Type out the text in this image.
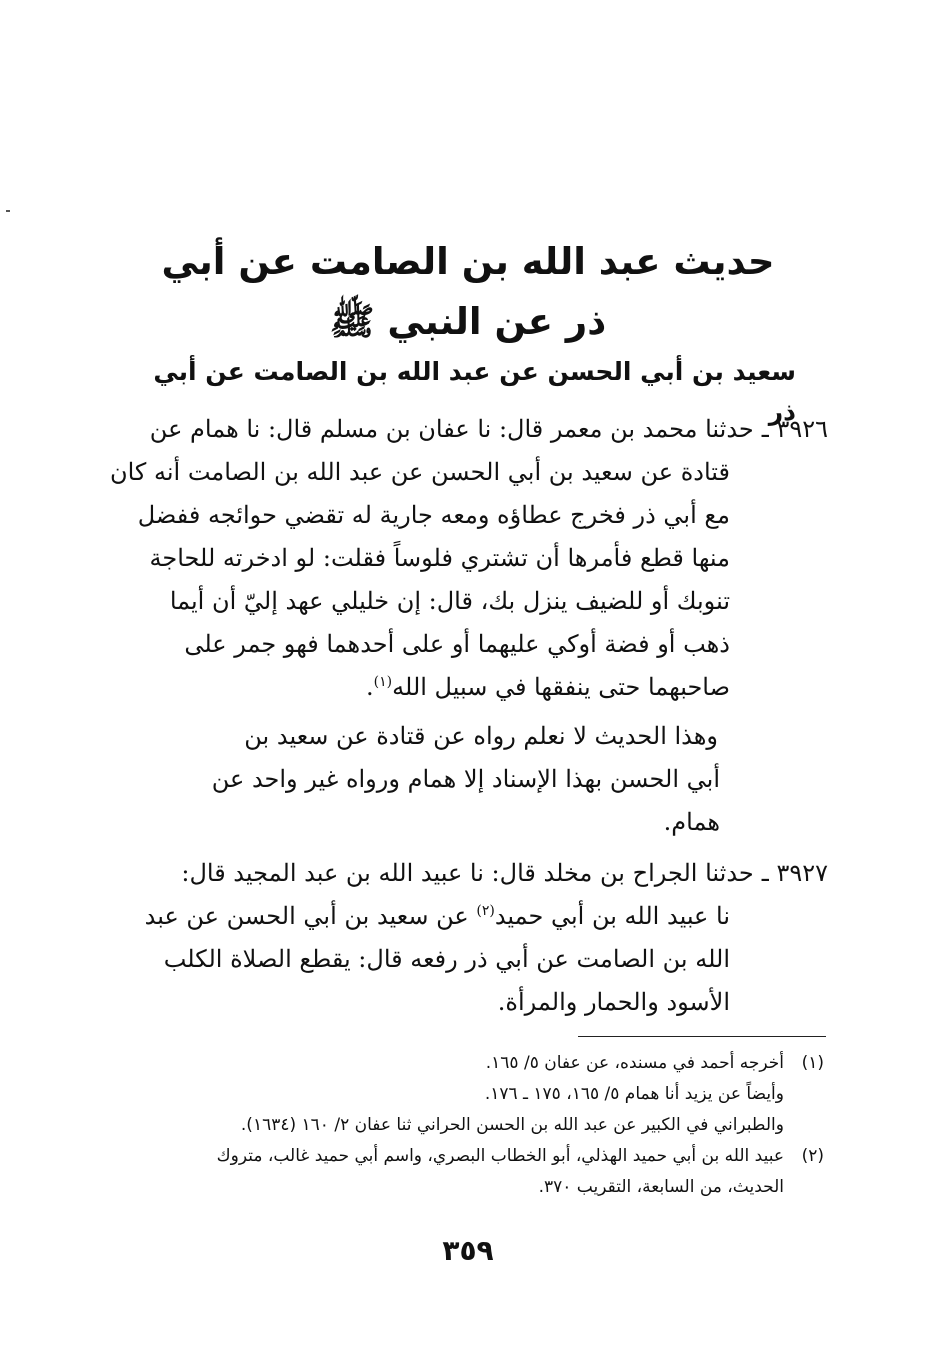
حديث عبد الله بن الصامت عن أبي ذر عن النبي ﷺ
سعيد بن أبي الحسن عن عبد الله بن الصامت عن أبي ذر
٣٩٢٦ ـحدثنا محمد بن معمر قال: نا عفان بن مسلم قال: نا همام عن
قتادة عن سعيد بن أبي الحسن عن عبد الله بن الصامت أنه كان
مع أبي ذر فخرج عطاؤه ومعه جارية له تقضي حوائجه ففضل
منها قطع فأمرها أن تشتري فلوساً فقلت: لو ادخرته للحاجة
تنوبك أو للضيف ينزل بك، قال: إن خليلي عهد إليّ أن أيما
ذهب أو فضة أوكي عليهما أو على أحدهما فهو جمر على
صاحبهما حتى ينفقها في سبيل الله$^{(١)}$.
وهذا الحديث لا نعلم رواه عن قتادة عن سعيد بن
أبي الحسن بهذا الإسناد إلا همام ورواه غير واحد عن
همام.
٣٩٢٧ ـحدثنا الجراح بن مخلد قال: نا عبيد الله بن عبد المجيد قال:
نا عبيد الله بن أبي حميد$^{(٢)}$ عن سعيد بن أبي الحسن عن عبد
الله بن الصامت عن أبي ذر رفعه قال: يقطع الصلاة الكلب
الأسود والحمار والمرأة.
(١)أخرجه أحمد في مسنده، عن عفان ٥/ ١٦٥.
وأيضاً عن يزيد أنا همام ٥/ ١٦٥، ١٧٥ ـ ١٧٦.
والطبراني في الكبير عن عبد الله بن الحسن الحراني ثنا عفان ٢/ ١٦٠ (١٦٣٤).
(٢)عبيد الله بن أبي حميد الهذلي، أبو الخطاب البصري، واسم أبي حميد غالب، متروك
الحديث، من السابعة، التقريب ٣٧٠.
٣٥٩
